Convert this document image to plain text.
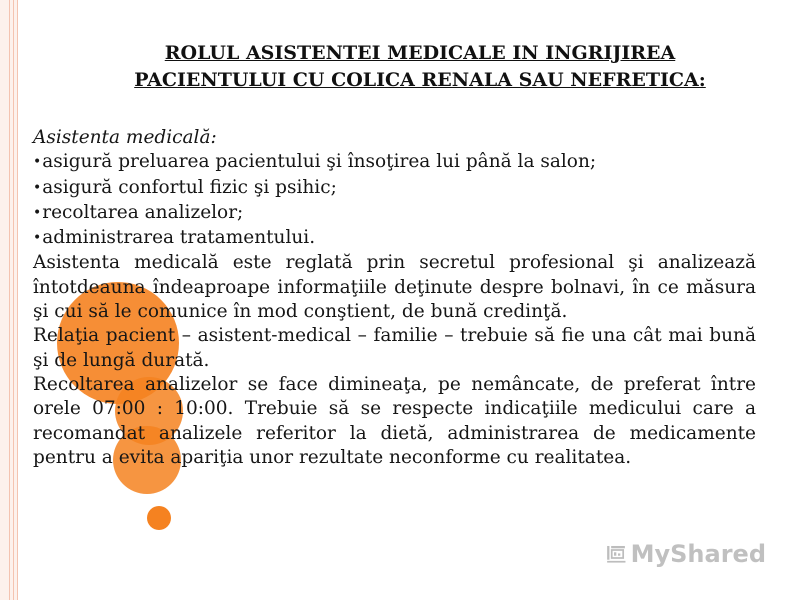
ROLUL ASISTENTEI MEDICALE IN INGRIJIREA
PACIENTULUI CU COLICA RENALA SAU NEFRETICA:

Asistenta medicală:

•asigură preluarea pacientului şi însoţirea lui până la salon;
•asigură confortul fizic şi psihic;
•recoltarea analizelor;
•administrarea tratamentului.

Asistenta medicală este reglată prin secretul profesional şi analizează întotdeauna îndeaproape informaţiile deţinute despre bolnavi, în ce măsura şi cui să le comunice în mod conştient, de bună credinţă.

Relaţia pacient – asistent-medical – familie – trebuie să fie una cât mai bună şi de lungă durată.

Recoltarea analizelor se face dimineaţa, pe nemâncate, de preferat între orele 07:00 : 10:00. Trebuie să se respecte indicaţiile medicului care a recomandat analizele referitor la dietă, administrarea de medicamente pentru a evita apariţia unor rezultate neconforme cu realitatea.

MyShared
